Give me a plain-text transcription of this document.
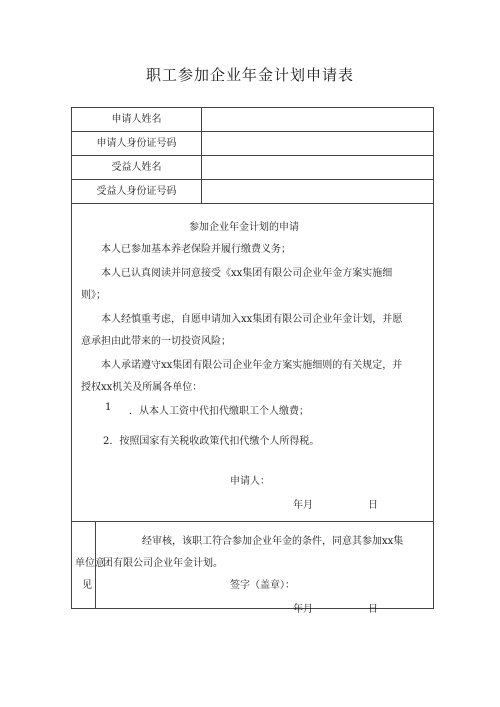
职工参加企业年金计划申请表
申请人姓名
申请人身份证号码
受益人姓名
受益人身份证号码
参加企业年金计划的申请
本人已参加基本养老保险并履行缴费义务；
本人已认真阅读并同意接受《xx集团有限公司企业年金方案实施细
则》；
本人经慎重考虑，自愿申请加入xx集团有限公司企业年金计划，并愿
意承担由此带来的一切投资风险；
本人承诺遵守xx集团有限公司企业年金方案实施细则的有关规定，并
授权xx机关及所属各单位：
1 ．从本人工资中代扣代缴职工个人缴费；
2．按照国家有关税收政策代扣代缴个人所得税。
申请人：
年月	日
单位意
见
经审核，该职工符合参加企业年金的条件，同意其参加xx集
团有限公司企业年金计划。
签字（盖章）：
年月	日
